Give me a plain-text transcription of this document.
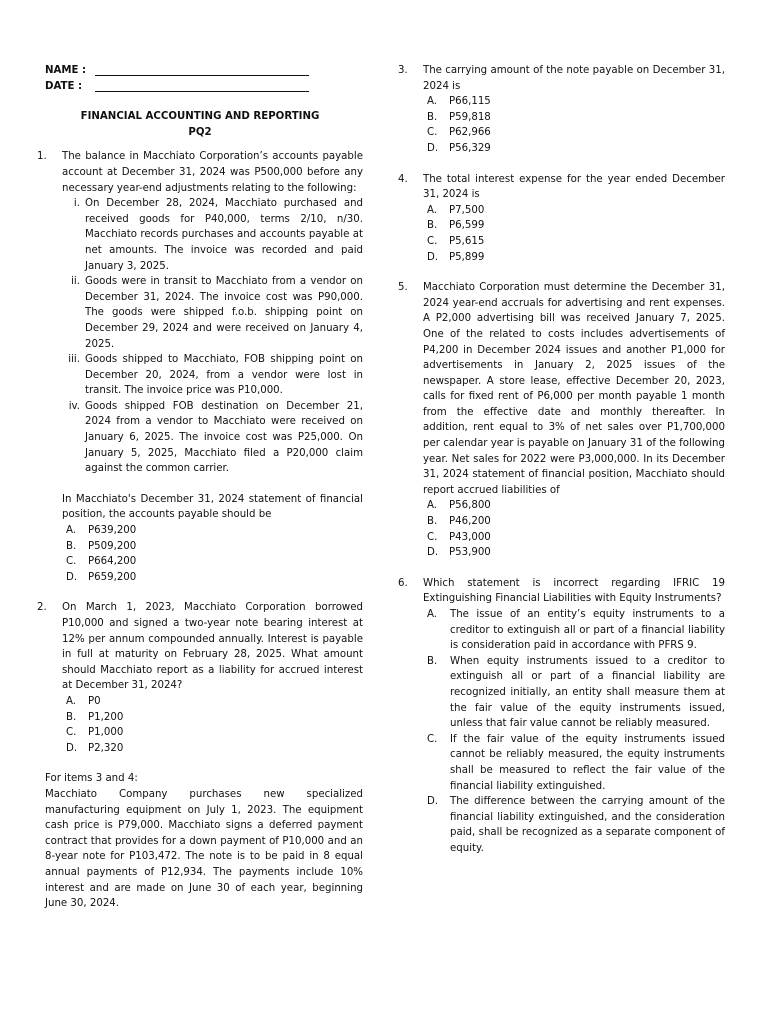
NAME :
DATE :
FINANCIAL ACCOUNTING AND REPORTING
PQ2
1.	The balance in Macchiato Corporation’s accounts payable account at December 31, 2024 was P500,000 before any necessary year-end adjustments relating to the following:
i. On December 28, 2024, Macchiato purchased and received goods for P40,000, terms 2/10, n/30. Macchiato records purchases and accounts payable at net amounts. The invoice was recorded and paid January 3, 2025.
ii. Goods were in transit to Macchiato from a vendor on December 31, 2024. The invoice cost was P90,000. The goods were shipped f.o.b. shipping point on December 29, 2024 and were received on January 4, 2025.
iii. Goods shipped to Macchiato, FOB shipping point on December 20, 2024, from a vendor were lost in transit. The invoice price was P10,000.
iv. Goods shipped FOB destination on December 21, 2024 from a vendor to Macchiato were received on January 6, 2025. The invoice cost was P25,000. On January 5, 2025, Macchiato filed a P20,000 claim against the common carrier.
In Macchiato's December 31, 2024 statement of financial position, the accounts payable should be
A.	P639,200
B.	P509,200
C.	P664,200
D.	P659,200
2.	On March 1, 2023, Macchiato Corporation borrowed P10,000 and signed a two-year note bearing interest at 12% per annum compounded annually. Interest is payable in full at maturity on February 28, 2025. What amount should Macchiato report as a liability for accrued interest at December 31, 2024?
A.	P0
B.	P1,200
C.	P1,000
D.	P2,320
For items 3 and 4:
Macchiato Company purchases new specialized manufacturing equipment on July 1, 2023. The equipment cash price is P79,000. Macchiato signs a deferred payment contract that provides for a down payment of P10,000 and an 8-year note for P103,472. The note is to be paid in 8 equal annual payments of P12,934. The payments include 10% interest and are made on June 30 of each year, beginning June 30, 2024.
3.	The carrying amount of the note payable on December 31, 2024 is
A.	P66,115
B.	P59,818
C.	P62,966
D.	P56,329
4.	The total interest expense for the year ended December 31, 2024 is
A.	P7,500
B.	P6,599
C.	P5,615
D.	P5,899
5.	Macchiato Corporation must determine the December 31, 2024 year-end accruals for advertising and rent expenses. A P2,000 advertising bill was received January 7, 2025. One of the related to costs includes advertisements of P4,200 in December 2024 issues and another P1,000 for advertisements in January 2, 2025 issues of the newspaper. A store lease, effective December 20, 2023, calls for fixed rent of P6,000 per month payable 1 month from the effective date and monthly thereafter. In addition, rent equal to 3% of net sales over P1,700,000 per calendar year is payable on January 31 of the following year. Net sales for 2022 were P3,000,000. In its December 31, 2024 statement of financial position, Macchiato should report accrued liabilities of
A.	P56,800
B.	P46,200
C.	P43,000
D.	P53,900
6.	Which statement is incorrect regarding IFRIC 19 Extinguishing Financial Liabilities with Equity Instruments?
A.	The issue of an entity’s equity instruments to a creditor to extinguish all or part of a financial liability is consideration paid in accordance with PFRS 9.
B.	When equity instruments issued to a creditor to extinguish all or part of a financial liability are recognized initially, an entity shall measure them at the fair value of the equity instruments issued, unless that fair value cannot be reliably measured.
C.	If the fair value of the equity instruments issued cannot be reliably measured, the equity instruments shall be measured to reflect the fair value of the financial liability extinguished.
D.	The difference between the carrying amount of the financial liability extinguished, and the consideration paid, shall be recognized as a separate component of equity.
